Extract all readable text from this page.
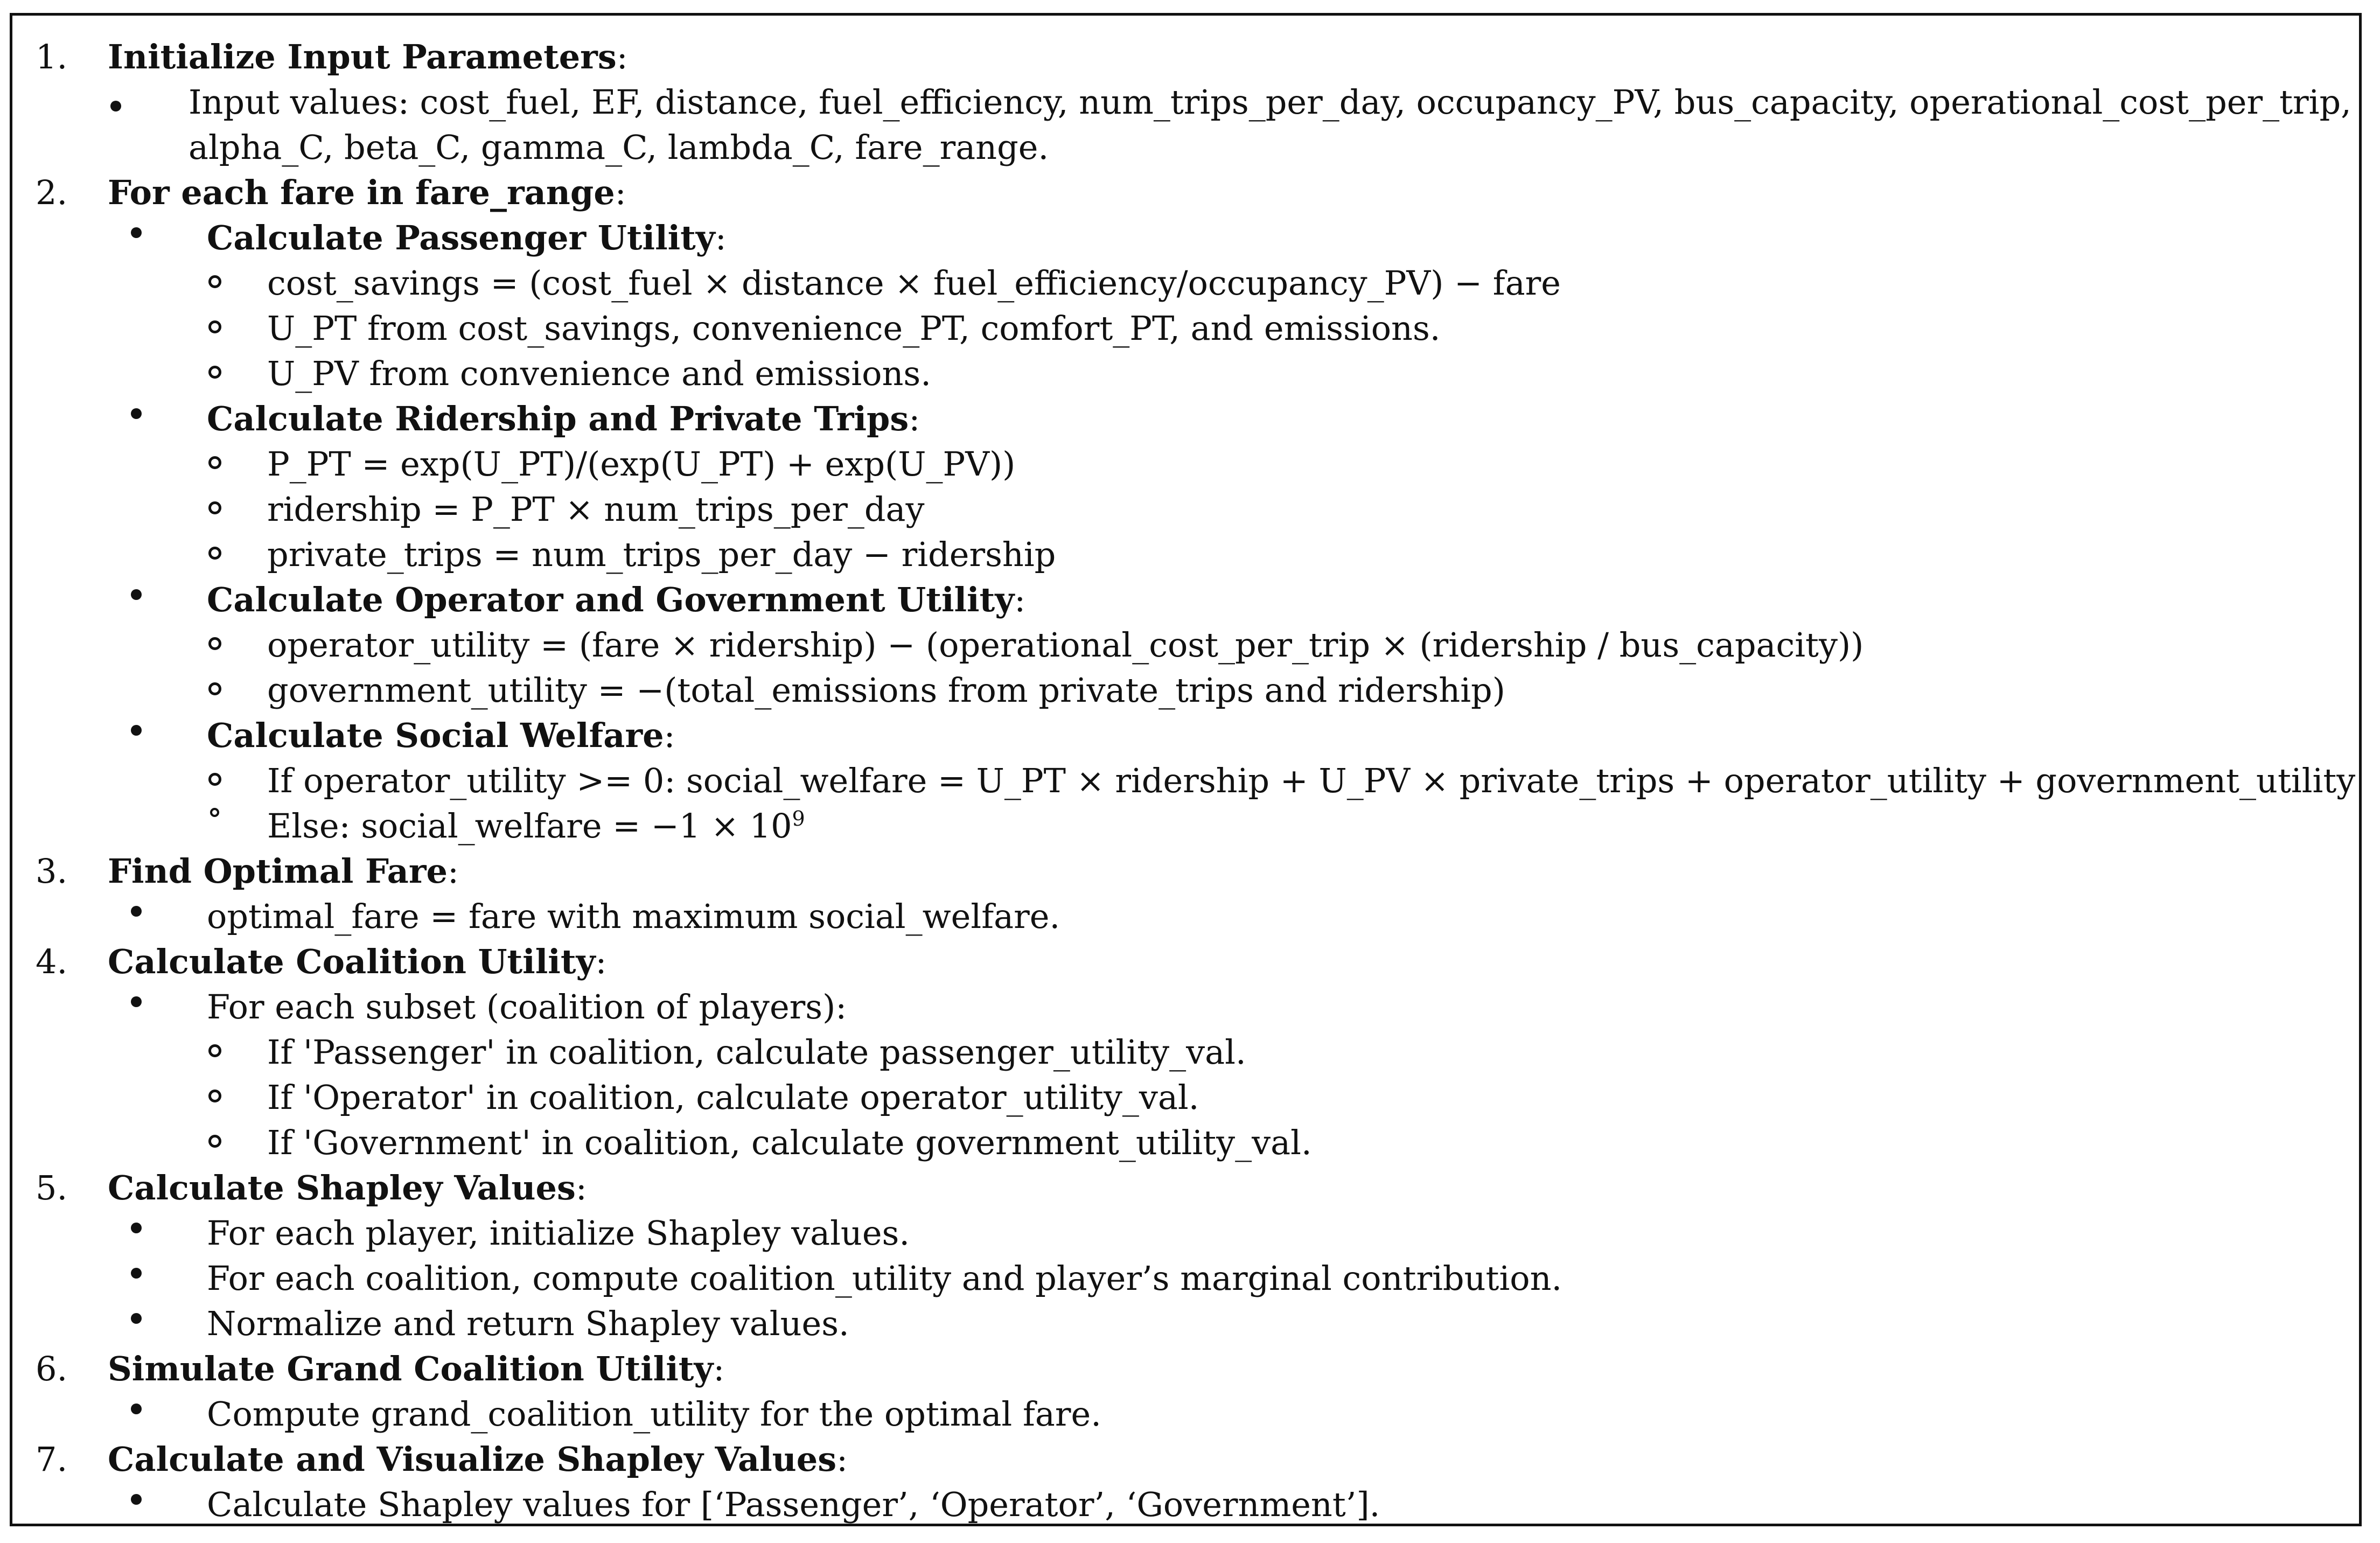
1. Initialize Input Parameters:
Input values: cost_fuel, EF, distance, fuel_efficiency, num_trips_per_day, occupancy_PV, bus_capacity, operational_cost_per_trip,
alpha_C, beta_C, gamma_C, lambda_C, fare_range.
2. For each fare in fare_range:
Calculate Passenger Utility:
cost_savings = (cost_fuel × distance × fuel_efficiency/occupancy_PV) − fare
U_PT from cost_savings, convenience_PT, comfort_PT, and emissions.
U_PV from convenience and emissions.
Calculate Ridership and Private Trips:
P_PT = exp(U_PT)/(exp(U_PT) + exp(U_PV))
ridership = P_PT × num_trips_per_day
private_trips = num_trips_per_day − ridership
Calculate Operator and Government Utility:
operator_utility = (fare × ridership) − (operational_cost_per_trip × (ridership / bus_capacity))
government_utility = −(total_emissions from private_trips and ridership)
Calculate Social Welfare:
If operator_utility >= 0: social_welfare = U_PT × ridership + U_PV × private_trips + operator_utility + government_utility
Else: social_welfare = $-1 \times 10^9$
3. Find Optimal Fare:
optimal_fare = fare with maximum social_welfare.
4. Calculate Coalition Utility:
For each subset (coalition of players):
If 'Passenger' in coalition, calculate passenger_utility_val.
If 'Operator' in coalition, calculate operator_utility_val.
If 'Government' in coalition, calculate government_utility_val.
5. Calculate Shapley Values:
For each player, initialize Shapley values.
For each coalition, compute coalition_utility and player’s marginal contribution.
Normalize and return Shapley values.
6. Simulate Grand Coalition Utility:
Compute grand_coalition_utility for the optimal fare.
7. Calculate and Visualize Shapley Values:
Calculate Shapley values for [‘Passenger’, ‘Operator’, ‘Government’].
